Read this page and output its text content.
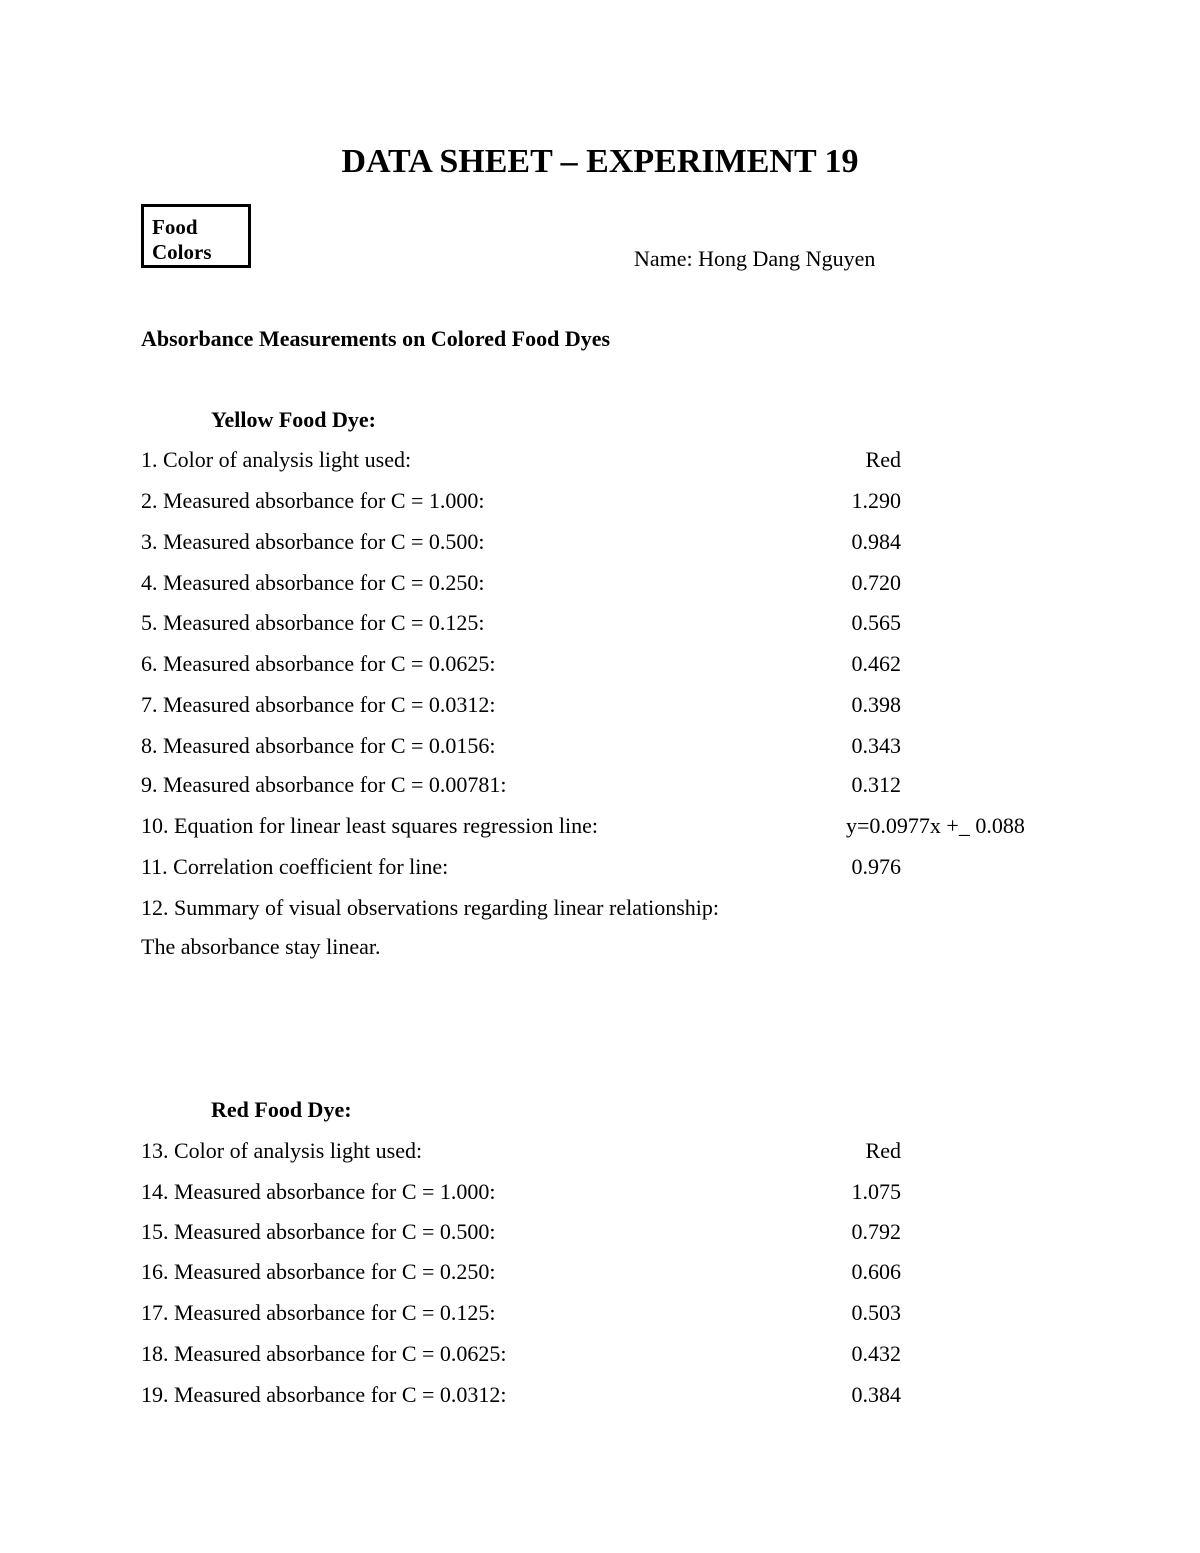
DATA SHEET – EXPERIMENT 19
Food Colors	Name: Hong Dang Nguyen
Absorbance Measurements on Colored Food Dyes
Yellow Food Dye:
1. Color of analysis light used:	Red
2. Measured absorbance for C = 1.000:	1.290
3. Measured absorbance for C = 0.500:	0.984
4. Measured absorbance for C = 0.250:	0.720
5. Measured absorbance for C = 0.125:	0.565
6. Measured absorbance for C = 0.0625:	0.462
7. Measured absorbance for C = 0.0312:	0.398
8. Measured absorbance for C = 0.0156:	0.343
9. Measured absorbance for C = 0.00781:	0.312
10. Equation for linear least squares regression line:	y=0.0977x +_ 0.088
11. Correlation coefficient for line:	0.976
12. Summary of visual observations regarding linear relationship:
The absorbance stay linear.
Red Food Dye:
13. Color of analysis light used:	Red
14. Measured absorbance for C = 1.000:	1.075
15. Measured absorbance for C = 0.500:	0.792
16. Measured absorbance for C = 0.250:	0.606
17. Measured absorbance for C = 0.125:	0.503
18. Measured absorbance for C = 0.0625:	0.432
19. Measured absorbance for C = 0.0312:	0.384
